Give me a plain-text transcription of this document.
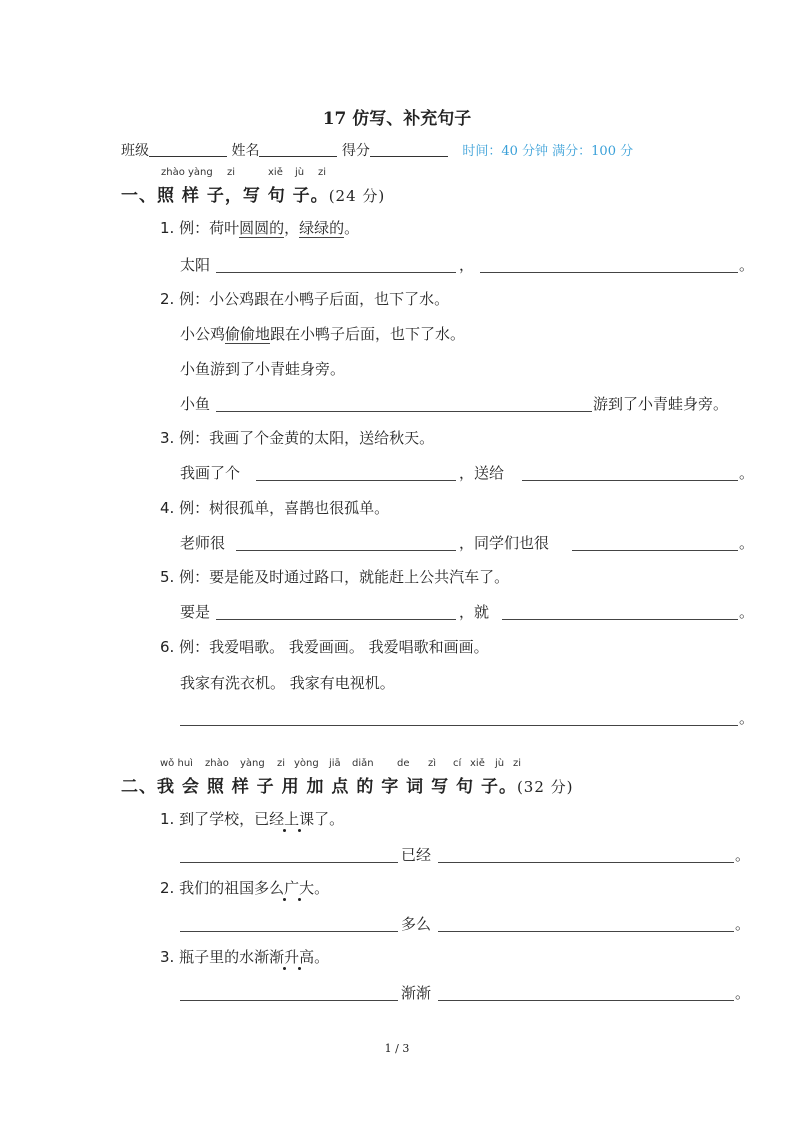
17 仿写、补充句子
班级	姓名	得分	时间：40 分钟 满分：100 分
zhào yàng zi	xiě jù zi
一、照 样 子，写 句 子。(24 分)
1. 例：荷叶圆圆的，绿绿的。
太阳	，	。
2. 例：小公鸡跟在小鸭子后面，也下了水。
小公鸡偷偷地跟在小鸭子后面，也下了水。
小鱼游到了小青蛙身旁。
小鱼	游到了小青蛙身旁。
3. 例：我画了个金黄的太阳，送给秋天。
我画了个	，送给	。
4. 例：树很孤单，喜鹊也很孤单。
老师很	，同学们也很	。
5. 例：要是能及时通过路口，就能赶上公共汽车了。
要是	，就	。
6. 例：我爱唱歌。 我爱画画。 我爱唱歌和画画。
我家有洗衣机。 我家有电视机。
。
wǒ huì zhào yàng zi yòng jiā diǎn de zì cí xiě jù zi
二、我 会 照 样 子 用 加 点 的 字 词 写 句 子。(32 分)
1. 到了学校，已经上课了。
已经	。
2. 我们的祖国多么广大。
多么	。
3. 瓶子里的水渐渐升高。
渐渐	。
1 / 3
